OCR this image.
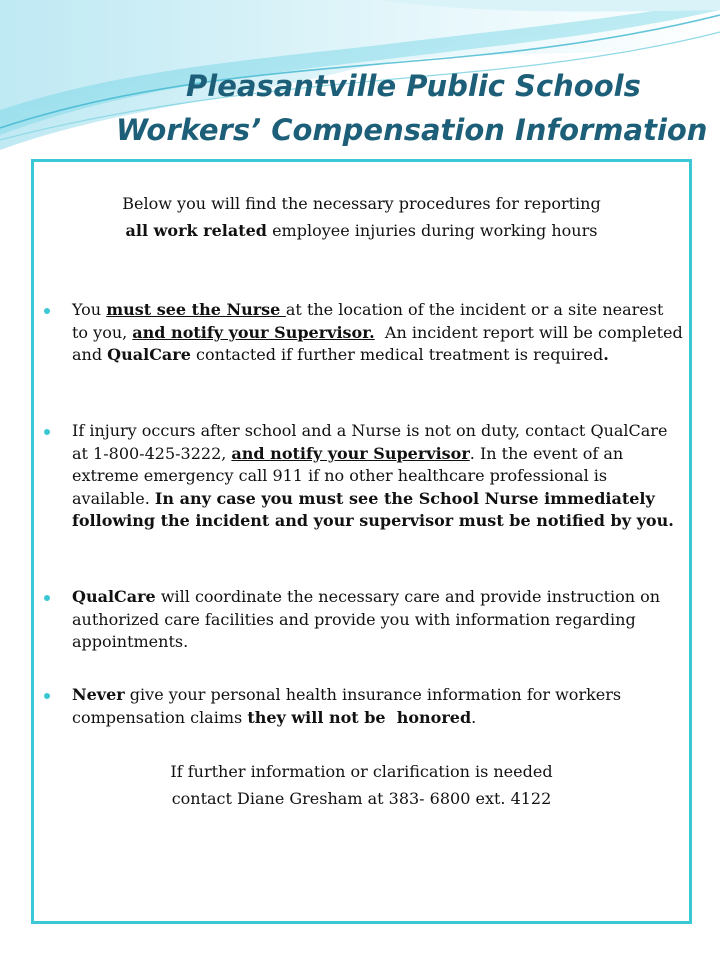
Pleasantville Public Schools
Workers’ Compensation Information
Below you will find the necessary procedures for reporting
all work related employee injuries during working hours
You must see the Nurse at the location of the incident or a site nearest to you, and notify your Supervisor.  An incident report will be completed and QualCare contacted if further medical treatment is required.
If injury occurs after school and a Nurse is not on duty, contact QualCare at 1-800-425-3222, and notify your Supervisor. In the event of an extreme emergency call 911 if no other healthcare professional is available. In any case you must see the School Nurse immediately following the incident and your supervisor must be notified by you.
QualCare will coordinate the necessary care and provide instruction on authorized care facilities and provide you with information regarding appointments.
Never give your personal health insurance information for workers compensation claims they will not be  honored.
If further information or clarification is needed
contact Diane Gresham at 383- 6800 ext. 4122
